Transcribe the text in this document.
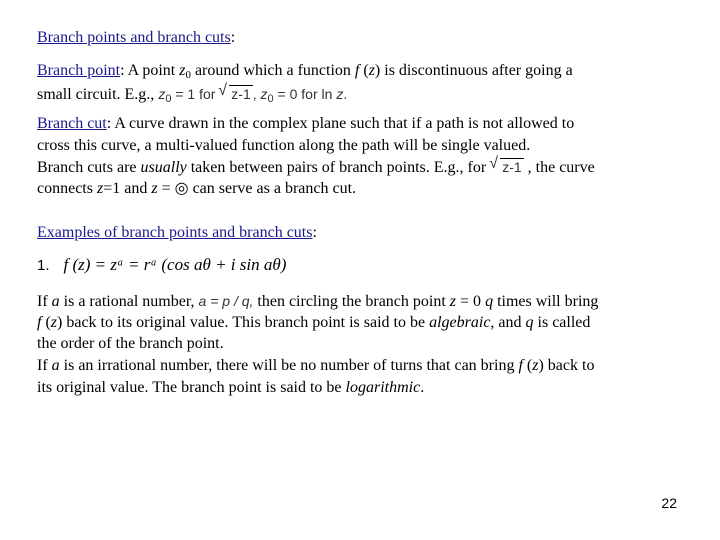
Branch points and branch cuts:
Branch point: A point $z_0$ around which a function f (z) is discontinuous after going a
small circuit. E.g., $z_0 = 1$ for √ z-1 , $z_0 = 0$ for ln z.
Branch cut: A curve drawn in the complex plane such that if a path is not allowed to
cross this curve, a multi-valued function along the path will be single valued.
Branch cuts are usually taken between pairs of branch points. E.g., for √ z-1 , the curve
connects z=1 and z = ◎ can serve as a branch cut.
Examples of branch points and branch cuts:
1. f (z) = zᵃ = rᵃ (cos aθ + i sin aθ)
If a is a rational number, a = p / q, then circling the branch point z = 0 q times will bring
f (z) back to its original value. This branch point is said to be algebraic, and q is called
the order of the branch point.
If a is an irrational number, there will be no number of turns that can bring f (z) back to
its original value. The branch point is said to be logarithmic.
22
